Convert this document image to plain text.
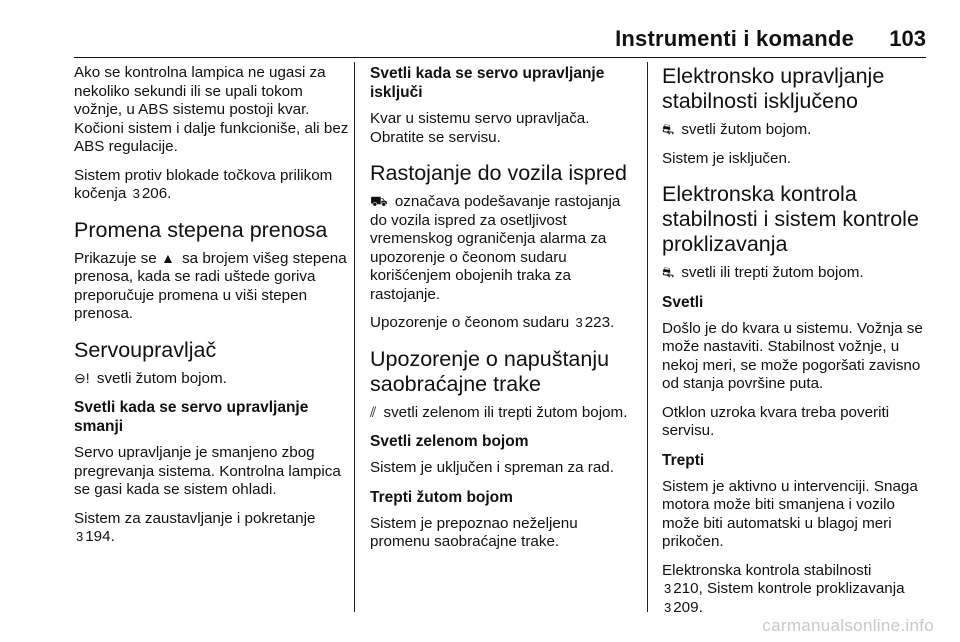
Instrumenti i komande 103

Ako se kontrolna lampica ne ugasi za nekoliko sekundi ili se upali tokom vožnje, u ABS sistemu postoji kvar. Kočioni sistem i dalje funkcioniše, ali bez ABS regulacije.

Sistem protiv blokade točkova prilikom kočenja 3 206.

Promena stepena prenosa

Prikazuje se ▲ sa brojem višeg stepena prenosa, kada se radi uštede goriva preporučuje promena u viši stepen prenosa.

Servoupravljač

⊖! svetli žutom bojom.

Svetli kada se servo upravljanje smanji

Servo upravljanje je smanjeno zbog pregrevanja sistema. Kontrolna lampica se gasi kada se sistem ohladi.

Sistem za zaustavljanje i pokretanje
3 194.

Svetli kada se servo upravljanje isključi

Kvar u sistemu servo upravljača. Obratite se servisu.

Rastojanje do vozila ispred

⛟ označava podešavanje rastojanja do vozila ispred za osetljivost vremenskog ograničenja alarma za upozorenje o čeonom sudaru korišćenjem obojenih traka za rastojanje.

Upozorenje o čeonom sudaru 3 223.

Upozorenje o napuštanju saobraćajne trake

⫽ svetli zelenom ili trepti žutom bojom.

Svetli zelenom bojom

Sistem je uključen i spreman za rad.

Trepti žutom bojom

Sistem je prepoznao neželjenu promenu saobraćajne trake.

Elektronsko upravljanje stabilnosti isključeno

⛐ svetli žutom bojom.

Sistem je isključen.

Elektronska kontrola stabilnosti i sistem kontrole proklizavanja

⛐ svetli ili trepti žutom bojom.

Svetli

Došlo je do kvara u sistemu. Vožnja se može nastaviti. Stabilnost vožnje, u nekoj meri, se može pogoršati zavisno od stanja površine puta.

Otklon uzroka kvara treba poveriti servisu.

Trepti

Sistem je aktivno u intervenciji. Snaga motora može biti smanjena i vozilo može biti automatski u blagoj meri prikočen.

Elektronska kontrola stabilnosti
3 210, Sistem kontrole proklizavanja
3 209.

carmanualsonline.info
